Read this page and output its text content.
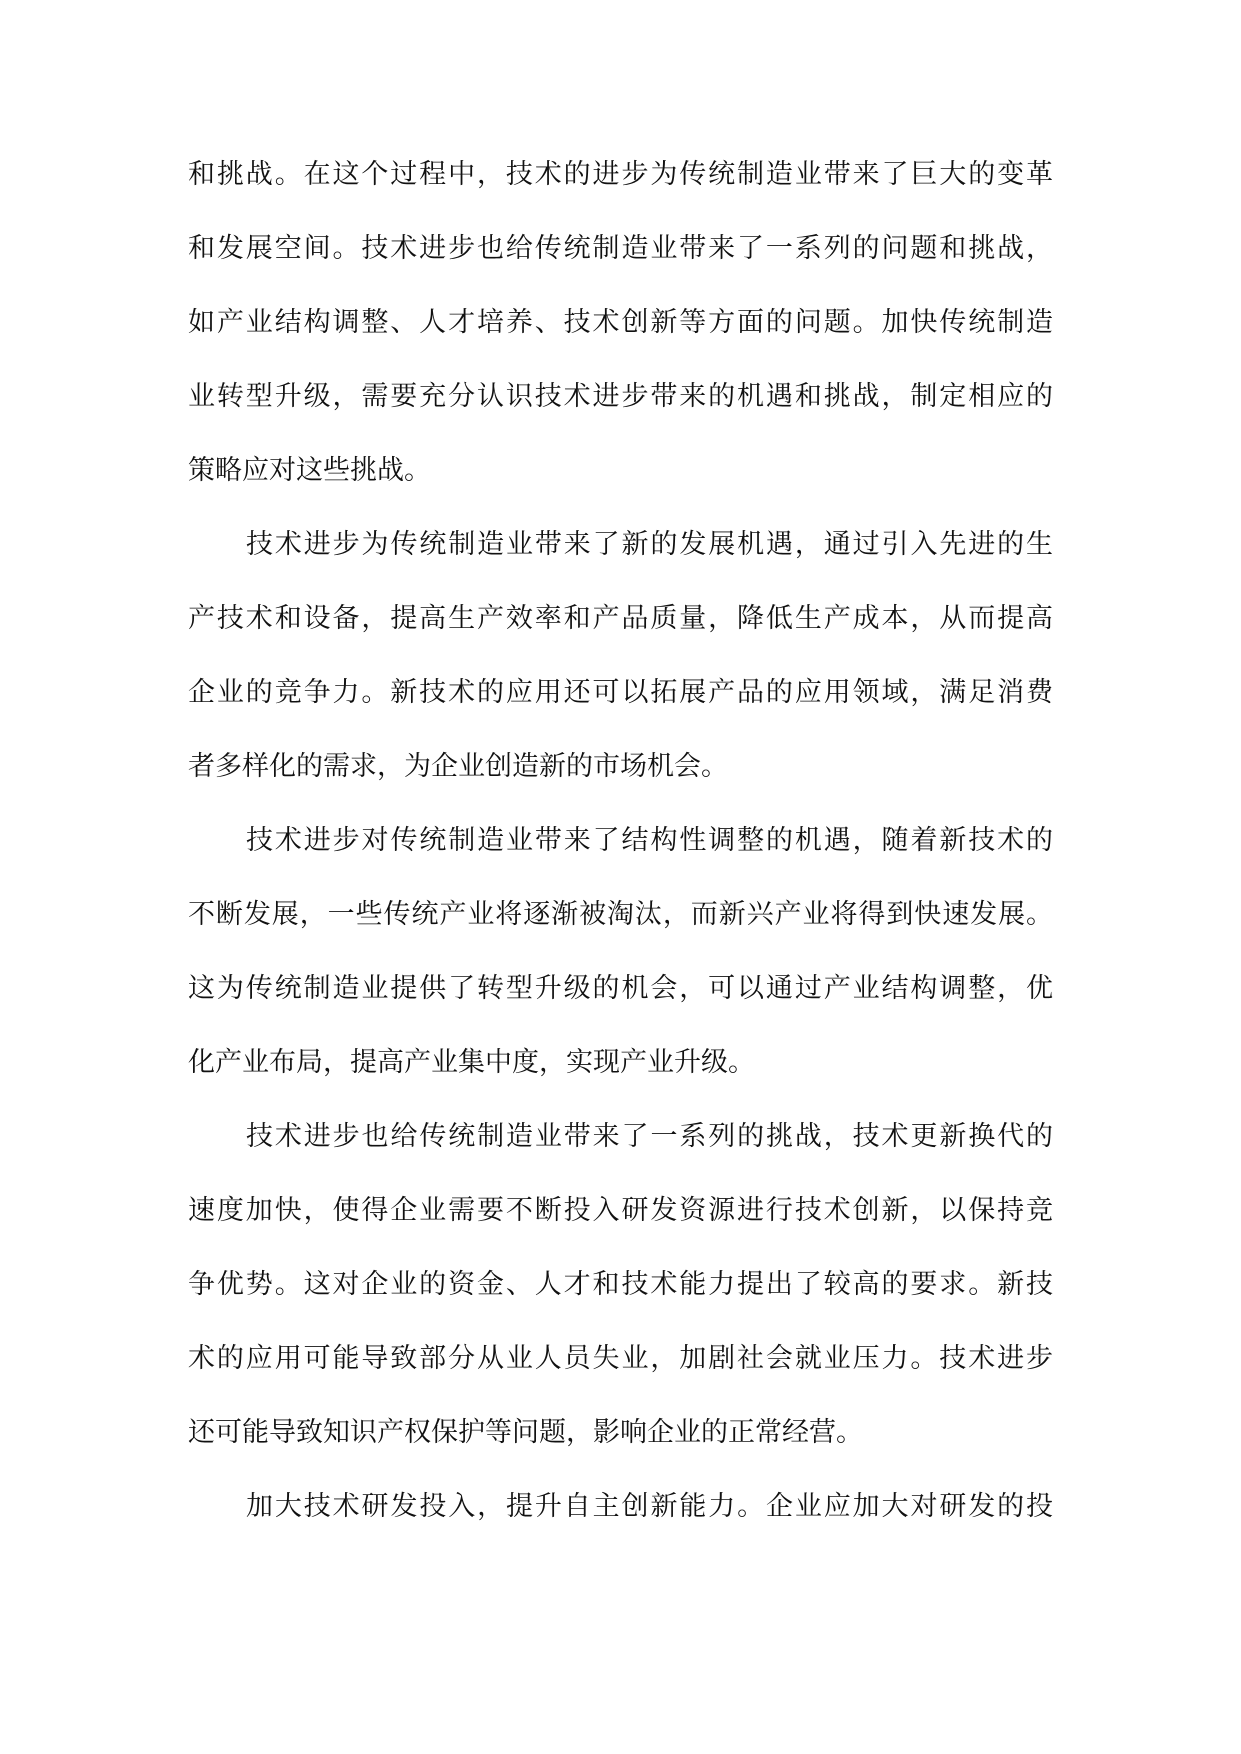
和挑战。在这个过程中，技术的进步为传统制造业带来了巨大的变革
和发展空间。技术进步也给传统制造业带来了一系列的问题和挑战，
如产业结构调整、人才培养、技术创新等方面的问题。加快传统制造
业转型升级，需要充分认识技术进步带来的机遇和挑战，制定相应的
策略应对这些挑战。

技术进步为传统制造业带来了新的发展机遇，通过引入先进的生
产技术和设备，提高生产效率和产品质量，降低生产成本，从而提高
企业的竞争力。新技术的应用还可以拓展产品的应用领域，满足消费
者多样化的需求，为企业创造新的市场机会。

技术进步对传统制造业带来了结构性调整的机遇，随着新技术的
不断发展，一些传统产业将逐渐被淘汰，而新兴产业将得到快速发展。
这为传统制造业提供了转型升级的机会，可以通过产业结构调整，优
化产业布局，提高产业集中度，实现产业升级。

技术进步也给传统制造业带来了一系列的挑战，技术更新换代的
速度加快，使得企业需要不断投入研发资源进行技术创新，以保持竞
争优势。这对企业的资金、人才和技术能力提出了较高的要求。新技
术的应用可能导致部分从业人员失业，加剧社会就业压力。技术进步
还可能导致知识产权保护等问题，影响企业的正常经营。

加大技术研发投入，提升自主创新能力。企业应加大对研发的投
